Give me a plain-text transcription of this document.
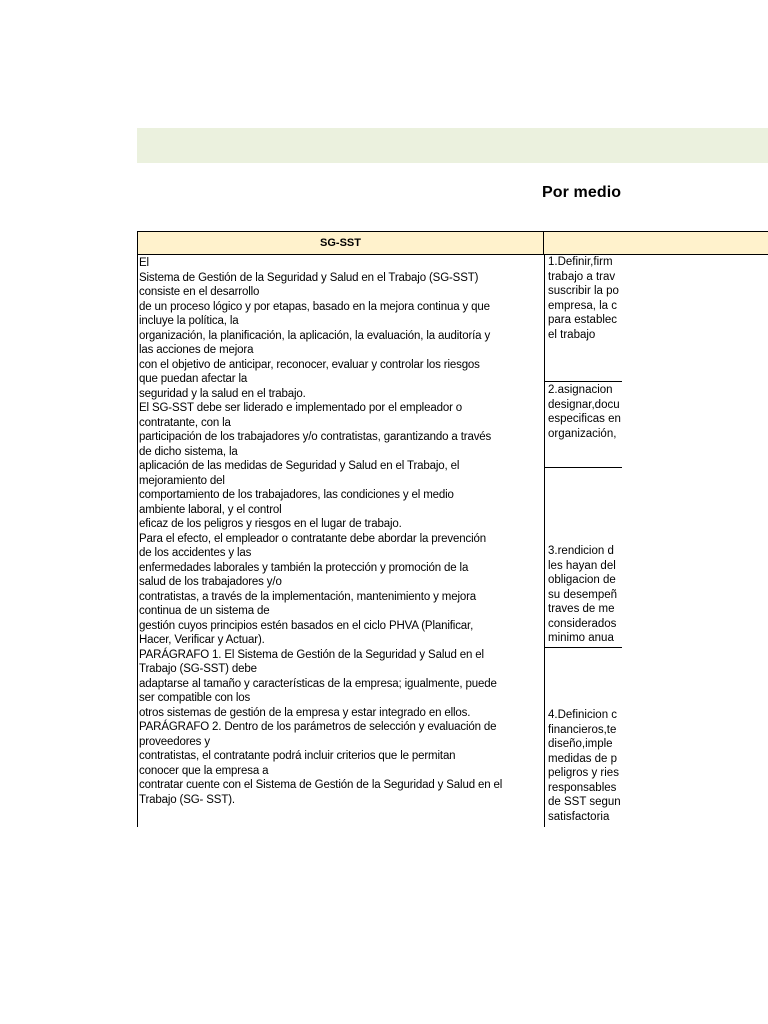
Por medio
SG-SST
El
Sistema de Gestión de la Seguridad y Salud en el Trabajo (SG-SST)
consiste en el desarrollo
de un proceso lógico y por etapas, basado en la mejora continua y que
incluye la política, la
organización, la planificación, la aplicación, la evaluación, la auditoría y
las acciones de mejora
con el objetivo de anticipar, reconocer, evaluar y controlar los riesgos
que puedan afectar la
seguridad y la salud en el trabajo.
El SG-SST debe ser liderado e implementado por el empleador o
contratante, con la
participación de los trabajadores y/o contratistas, garantizando a través
de dicho sistema, la
aplicación de las medidas de Seguridad y Salud en el Trabajo, el
mejoramiento del
comportamiento de los trabajadores, las condiciones y el medio
ambiente laboral, y el control
eficaz de los peligros y riesgos en el lugar de trabajo.
Para el efecto, el empleador o contratante debe abordar la prevención
de los accidentes y las
enfermedades laborales y también la protección y promoción de la
salud de los trabajadores y/o
contratistas, a través de la implementación, mantenimiento y mejora
continua de un sistema de
gestión cuyos principios estén basados en el ciclo PHVA (Planificar,
Hacer, Verificar y Actuar).
PARÁGRAFO 1. El Sistema de Gestión de la Seguridad y Salud en el
Trabajo (SG-SST) debe
adaptarse al tamaño y características de la empresa; igualmente, puede
ser compatible con los
otros sistemas de gestión de la empresa y estar integrado en ellos.
PARÁGRAFO 2. Dentro de los parámetros de selección y evaluación de
proveedores y
contratistas, el contratante podrá incluir criterios que le permitan
conocer que la empresa a
contratar cuente con el Sistema de Gestión de la Seguridad y Salud en el
Trabajo (SG- SST).
1.Definir,firm
trabajo a trav
suscribir la po
empresa, la c
para establec
el trabajo
2.asignacion
designar,docu
especificas en
organización,
3.rendicion d
les hayan del
obligacion de
su desempeñ
traves de me
considerados
minimo anua
4.Definicion c
financieros,te
diseño,imple
medidas de p
peligros y ries
responsables
de SST segun
satisfactoria
